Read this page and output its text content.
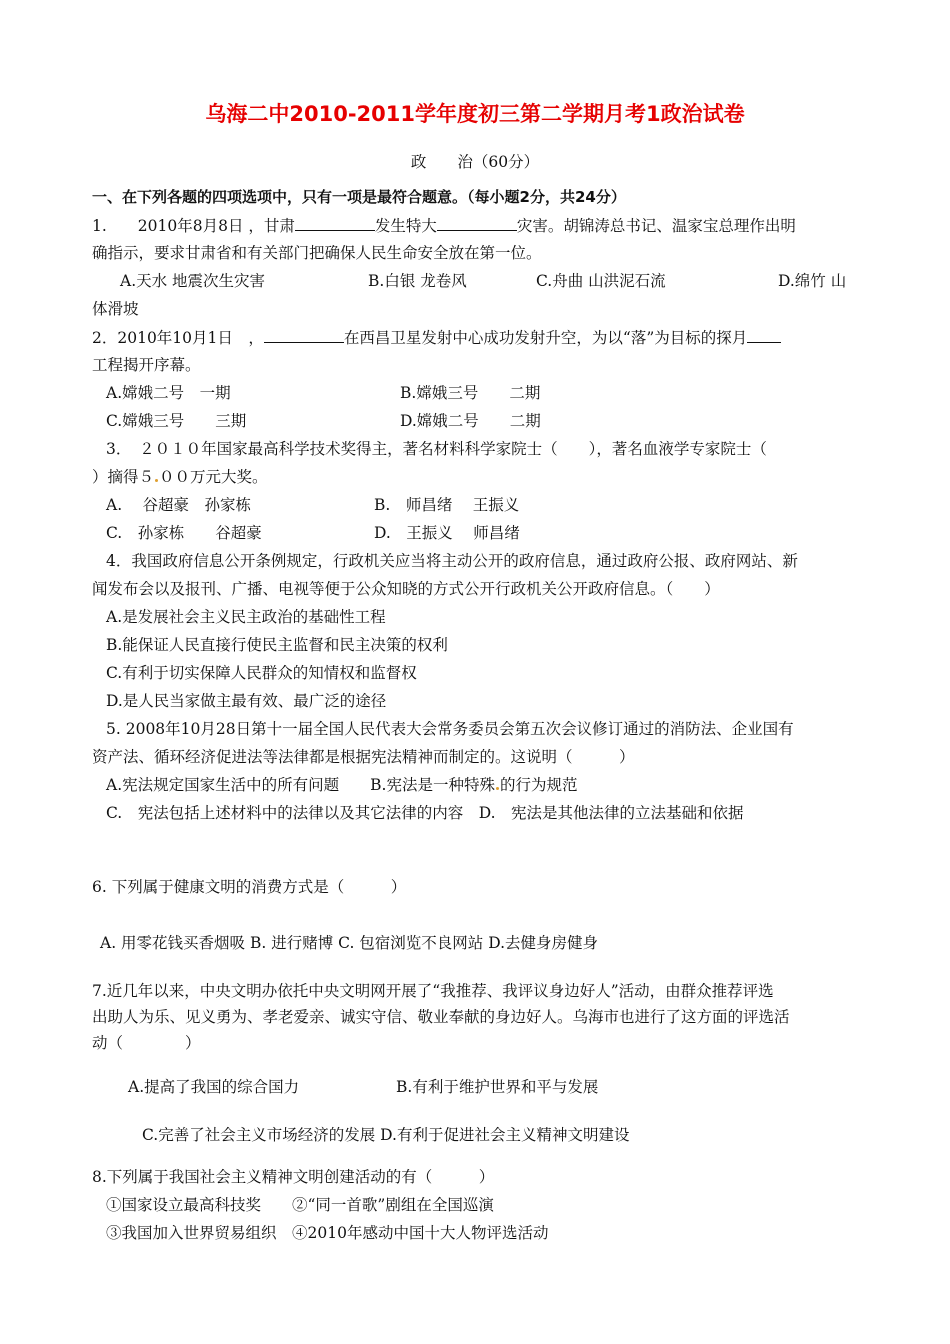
乌海二中2010-2011学年度初三第二学期月考1政治试卷
政　　治（60分）
一、在下列各题的四项选项中，只有一项是最符合题意。（每小题2分，共24分）
1.　　2010年8月8日 ，甘肃	发生特大	灾害。胡锦涛总书记、温家宝总理作出明
确指示，要求甘肃省和有关部门把确保人民生命安全放在第一位。
A.天水 地震次生灾害	B.白银 龙卷风	C.舟曲 山洪泥石流	D.绵竹 山
体滑坡
2．2010年10月1日　，	在西昌卫星发射中心成功发射升空，为以“落”为目标的探月
工程揭开序幕。
A.嫦娥二号　一期	B.嫦娥三号　　二期
C.嫦娥三号　　三期	D.嫦娥二号　　二期
3．　２０１０年国家最高科学技术奖得主，著名材料科学家院士（　　），著名血液学专家院士（
）摘得５ ００万元大奖。
A.　 谷超豪　孙家栋	B.　师昌绪　 王振义
C.　孙家栋　　谷超豪	D.　王振义　 师昌绪
4．我国政府信息公开条例规定，行政机关应当将主动公开的政府信息，通过政府公报、政府网站、新
闻发布会以及报刊、广播、电视等便于公众知晓的方式公开行政机关公开政府信息。（　　）
A.是发展社会主义民主政治的基础性工程
B.能保证人民直接行使民主监督和民主决策的权利
C.有利于切实保障人民群众的知情权和监督权
D.是人民当家做主最有效、最广泛的途径
5. 2008年10月28日第十一届全国人民代表大会常务委员会第五次会议修订通过的消防法、企业国有
资产法、循环经济促进法等法律都是根据宪法精神而制定的。这说明（　　　）
A.宪法规定国家生活中的所有问题　　B.宪法是一种特殊 的行为规范
C.　宪法包括上述材料中的法律以及其它法律的内容　D.　宪法是其他法律的立法基础和依据
6. 下列属于健康文明的消费方式是（　　　）
A. 用零花钱买香烟吸 B. 进行赌博 C. 包宿浏览不良网站 D.去健身房健身
7.近几年以来，中央文明办依托中央文明网开展了“我推荐、我评议身边好人”活动，由群众推荐评选
出助人为乐、见义勇为、孝老爱亲、诚实守信、敬业奉献的身边好人。乌海市也进行了这方面的评选活
动（　　　　）
A.提高了我国的综合国力	B.有利于维护世界和平与发展
C.完善了社会主义市场经济的发展 D.有利于促进社会主义精神文明建设
8.下列属于我国社会主义精神文明创建活动的有（　　　）
①国家设立最高科技奖　　②“同一首歌”剧组在全国巡演
③我国加入世界贸易组织　④2010年感动中国十大人物评选活动
